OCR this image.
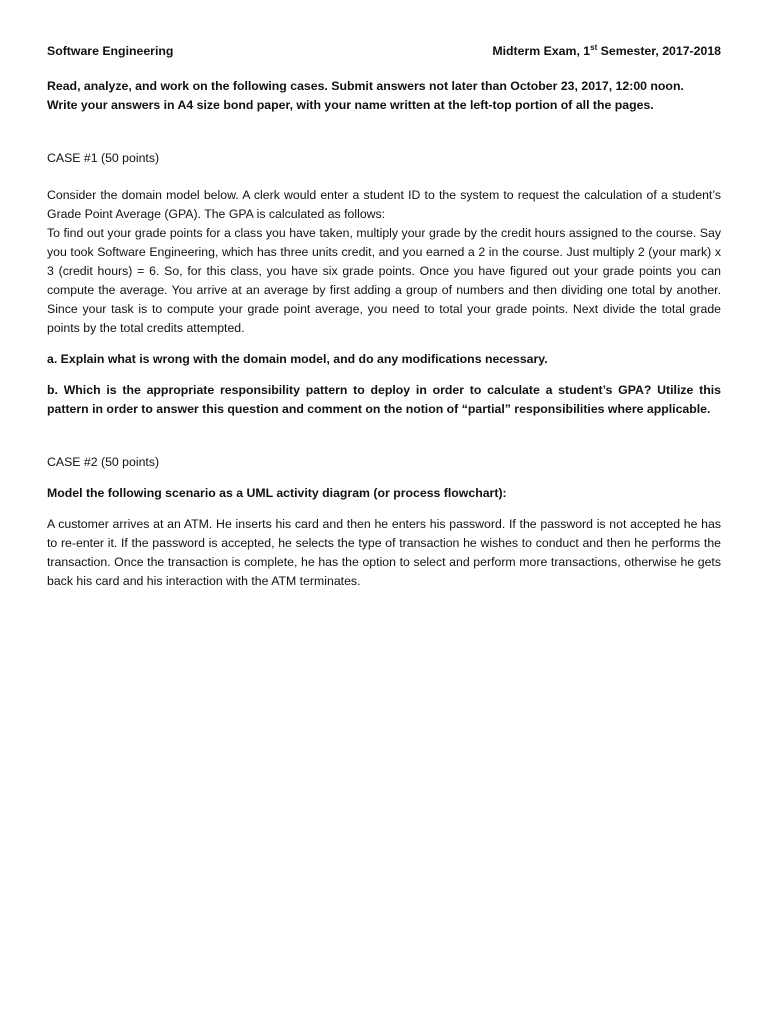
Software Engineering	Midterm Exam, 1st Semester, 2017-2018
Read, analyze, and work on the following cases. Submit answers not later than October 23, 2017, 12:00 noon.
Write your answers in A4 size bond paper, with your name written at the left-top portion of all the pages.
CASE #1 (50 points)
Consider the domain model below. A clerk would enter a student ID to the system to request the calculation of a student’s Grade Point Average (GPA). The GPA is calculated as follows:
To find out your grade points for a class you have taken, multiply your grade by the credit hours assigned to the course. Say you took Software Engineering, which has three units credit, and you earned a 2 in the course. Just multiply 2 (your mark) x 3 (credit hours) = 6. So, for this class, you have six grade points. Once you have figured out your grade points you can compute the average. You arrive at an average by first adding a group of numbers and then dividing one total by another. Since your task is to compute your grade point average, you need to total your grade points. Next divide the total grade points by the total credits attempted.
a. Explain what is wrong with the domain model, and do any modifications necessary.
b. Which is the appropriate responsibility pattern to deploy in order to calculate a student’s GPA? Utilize this pattern in order to answer this question and comment on the notion of “partial” responsibilities where applicable.
CASE #2 (50 points)
Model the following scenario as a UML activity diagram (or process flowchart):
A customer arrives at an ATM. He inserts his card and then he enters his password. If the password is not accepted he has to re-enter it. If the password is accepted, he selects the type of transaction he wishes to conduct and then he performs the transaction. Once the transaction is complete, he has the option to select and perform more transactions, otherwise he gets back his card and his interaction with the ATM terminates.
